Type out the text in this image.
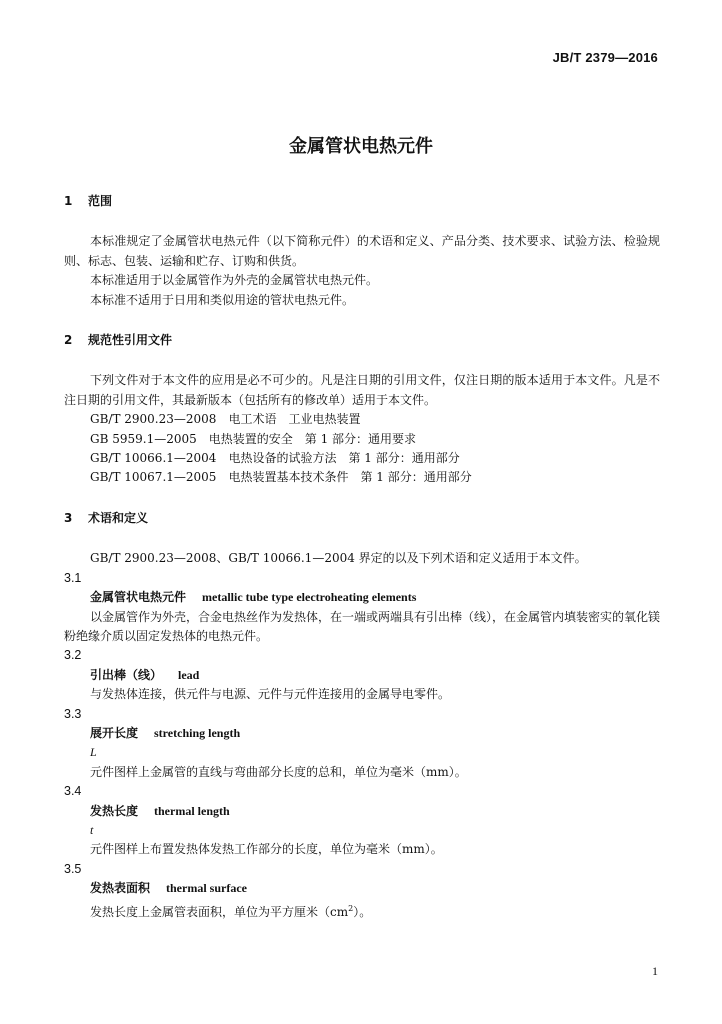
JB/T 2379—2016
金属管状电热元件

1	范围

本标准规定了金属管状电热元件（以下简称元件）的术语和定义、产品分类、技术要求、试验方法、检验规则、标志、包装、运输和贮存、订购和供货。

本标准适用于以金属管作为外壳的金属管状电热元件。

本标准不适用于日用和类似用途的管状电热元件。

2	规范性引用文件

下列文件对于本文件的应用是必不可少的。凡是注日期的引用文件，仅注日期的版本适用于本文件。凡是不注日期的引用文件，其最新版本（包括所有的修改单）适用于本文件。

GB/T 2900.23—2008　 电工术语　工业电热装置

GB 5959.1—2005　 电热装置的安全　第 1 部分：通用要求

GB/T 10066.1—2004　 电热设备的试验方法　第 1 部分：通用部分

GB/T 10067.1—2005　 电热装置基本技术条件　第 1 部分：通用部分

3	术语和定义

GB/T 2900.23—2008、GB/T 10066.1—2004 界定的以及下列术语和定义适用于本文件。

3.1

金属管状电热元件 metallic tube type electroheating elements

以金属管作为外壳，合金电热丝作为发热体，在一端或两端具有引出棒（线），在金属管内填装密实的氧化镁粉绝缘介质以固定发热体的电热元件。

3.2

引出棒（线） lead

与发热体连接，供元件与电源、元件与元件连接用的金属导电零件。

3.3

展开长度 stretching length

L

元件图样上金属管的直线与弯曲部分长度的总和，单位为毫米（mm）。

3.4

发热长度 thermal length

t

元件图样上布置发热体发热工作部分的长度，单位为毫米（mm）。

3.5

发热表面积 thermal surface

发热长度上金属管表面积，单位为平方厘米$(cm^2)$。

1
